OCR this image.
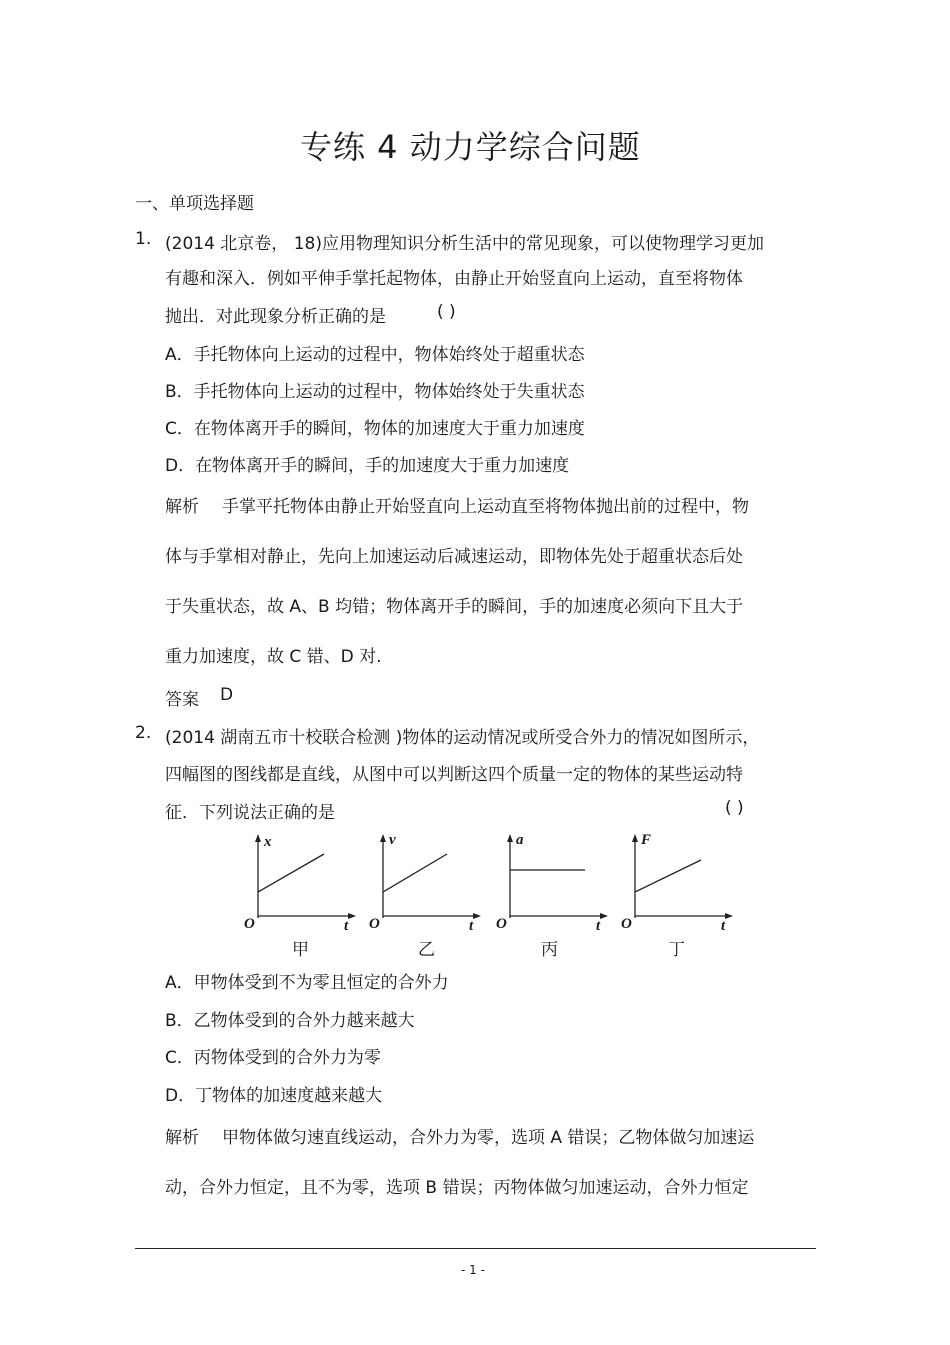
专练 4 动力学综合问题
一、单项选择题
1. (2014 北京卷， 18)应用物理知识分析生活中的常见现象，可以使物理学习更加
有趣和深入．例如平伸手掌托起物体，由静止开始竖直向上运动，直至将物体
抛出．对此现象分析正确的是	( )
A．手托物体向上运动的过程中，物体始终处于超重状态
B．手托物体向上运动的过程中，物体始终处于失重状态
C．在物体离开手的瞬间，物体的加速度大于重力加速度
D．在物体离开手的瞬间，手的加速度大于重力加速度
解析 手掌平托物体由静止开始竖直向上运动直至将物体抛出前的过程中，物
体与手掌相对静止，先向上加速运动后减速运动，即物体先处于超重状态后处
于失重状态，故 A、B 均错；物体离开手的瞬间，手的加速度必须向下且大于
重力加速度，故 C 错、D 对.
答案 D
2. (2014 湖南五市十校联合检测 )物体的运动情况或所受合外力的情况如图所示，
四幅图的图线都是直线，从图中可以判断这四个质量一定的物体的某些运动特
征．下列说法正确的是	( )
x
t
O
甲
v
t
O
乙
a
t
O
丙
F
t
O
丁
A．甲物体受到不为零且恒定的合外力
B．乙物体受到的合外力越来越大
C．丙物体受到的合外力为零
D．丁物体的加速度越来越大
解析 甲物体做匀速直线运动，合外力为零，选项 A 错误；乙物体做匀加速运
动，合外力恒定，且不为零，选项 B 错误；丙物体做匀加速运动，合外力恒定
- 1 -
